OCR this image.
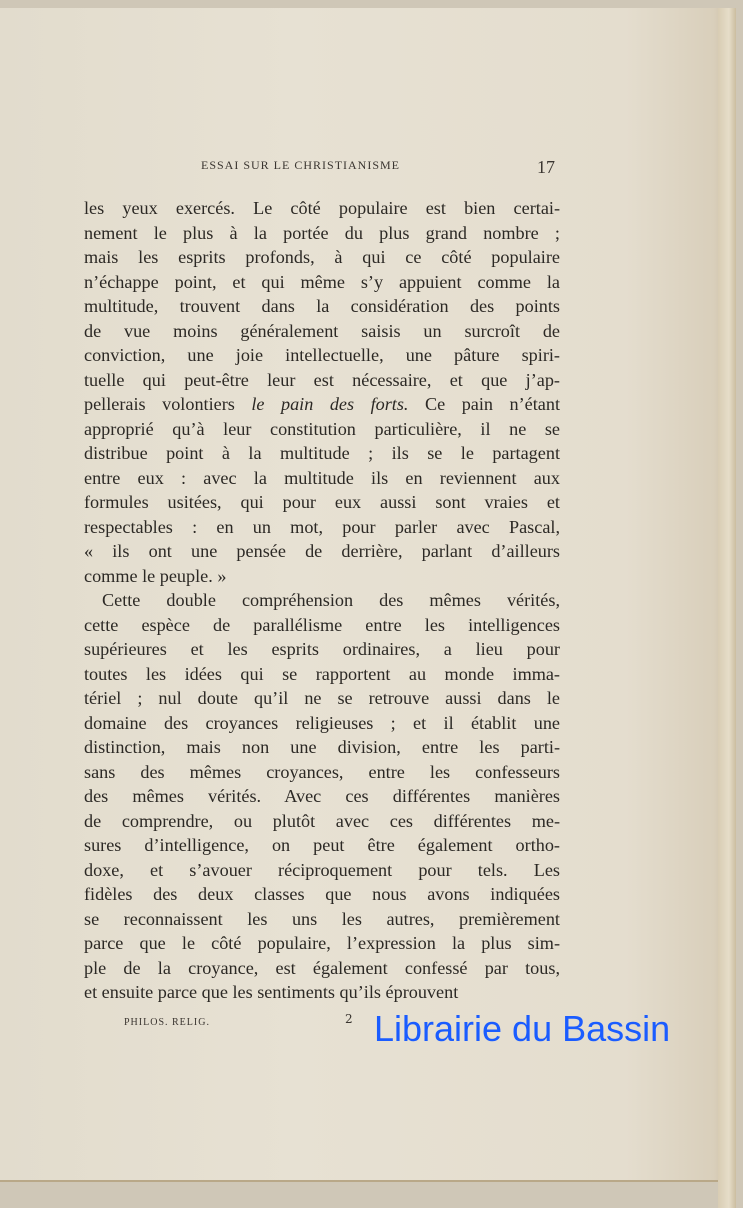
ESSAI SUR LE CHRISTIANISME	17
les yeux exercés. Le côté populaire est bien certai-
nement le plus à la portée du plus grand nombre ;
mais les esprits profonds, à qui ce côté populaire
n’échappe point, et qui même s’y appuient comme la
multitude, trouvent dans la considération des points
de vue moins généralement saisis un surcroît de
conviction, une joie intellectuelle, une pâture spiri-
tuelle qui peut-être leur est nécessaire, et que j’ap-
pellerais volontiers le pain des forts. Ce pain n’étant
approprié qu’à leur constitution particulière, il ne se
distribue point à la multitude ; ils se le partagent
entre eux : avec la multitude ils en reviennent aux
formules usitées, qui pour eux aussi sont vraies et
respectables : en un mot, pour parler avec Pascal,
« ils ont une pensée de derrière, parlant d’ailleurs
comme le peuple. »
Cette double compréhension des mêmes vérités,
cette espèce de parallélisme entre les intelligences
supérieures et les esprits ordinaires, a lieu pour
toutes les idées qui se rapportent au monde imma-
tériel ; nul doute qu’il ne se retrouve aussi dans le
domaine des croyances religieuses ; et il établit une
distinction, mais non une division, entre les parti-
sans des mêmes croyances, entre les confesseurs
des mêmes vérités. Avec ces différentes manières
de comprendre, ou plutôt avec ces différentes me-
sures d’intelligence, on peut être également ortho-
doxe, et s’avouer réciproquement pour tels. Les
fidèles des deux classes que nous avons indiquées
se reconnaissent les uns les autres, premièrement
parce que le côté populaire, l’expression la plus sim-
ple de la croyance, est également confessé par tous,
et ensuite parce que les sentiments qu’ils éprouvent
PHILOS. RELIG.	2 Librairie du Bassin
